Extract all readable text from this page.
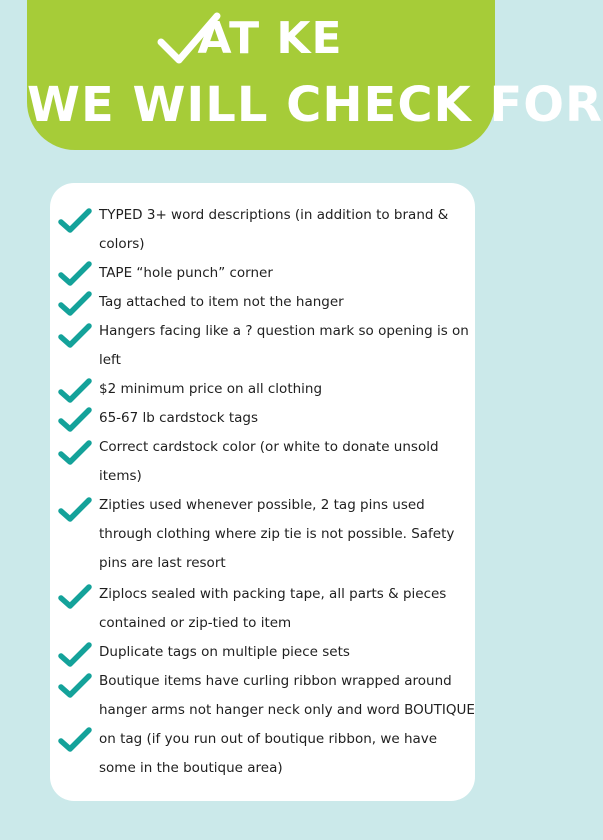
AT KE
WE WILL CHECK FOR
TYPED 3+ word descriptions (in addition to brand & colors)
TAPE “hole punch” corner
Tag attached to item not the hanger
Hangers facing like a ? question mark so opening is on left
$2 minimum price on all clothing
65-67 lb cardstock tags
Correct cardstock color (or white to donate unsold items)
Zipties used whenever possible, 2 tag pins used through clothing where zip tie is not possible. Safety pins are last resort
Ziplocs sealed with packing tape, all parts & pieces contained or zip-tied to item
Duplicate tags on multiple piece sets
Boutique items have curling ribbon wrapped around hanger arms not hanger neck only and word BOUTIQUE on tag (if you run out of boutique ribbon, we have some in the boutique area)
